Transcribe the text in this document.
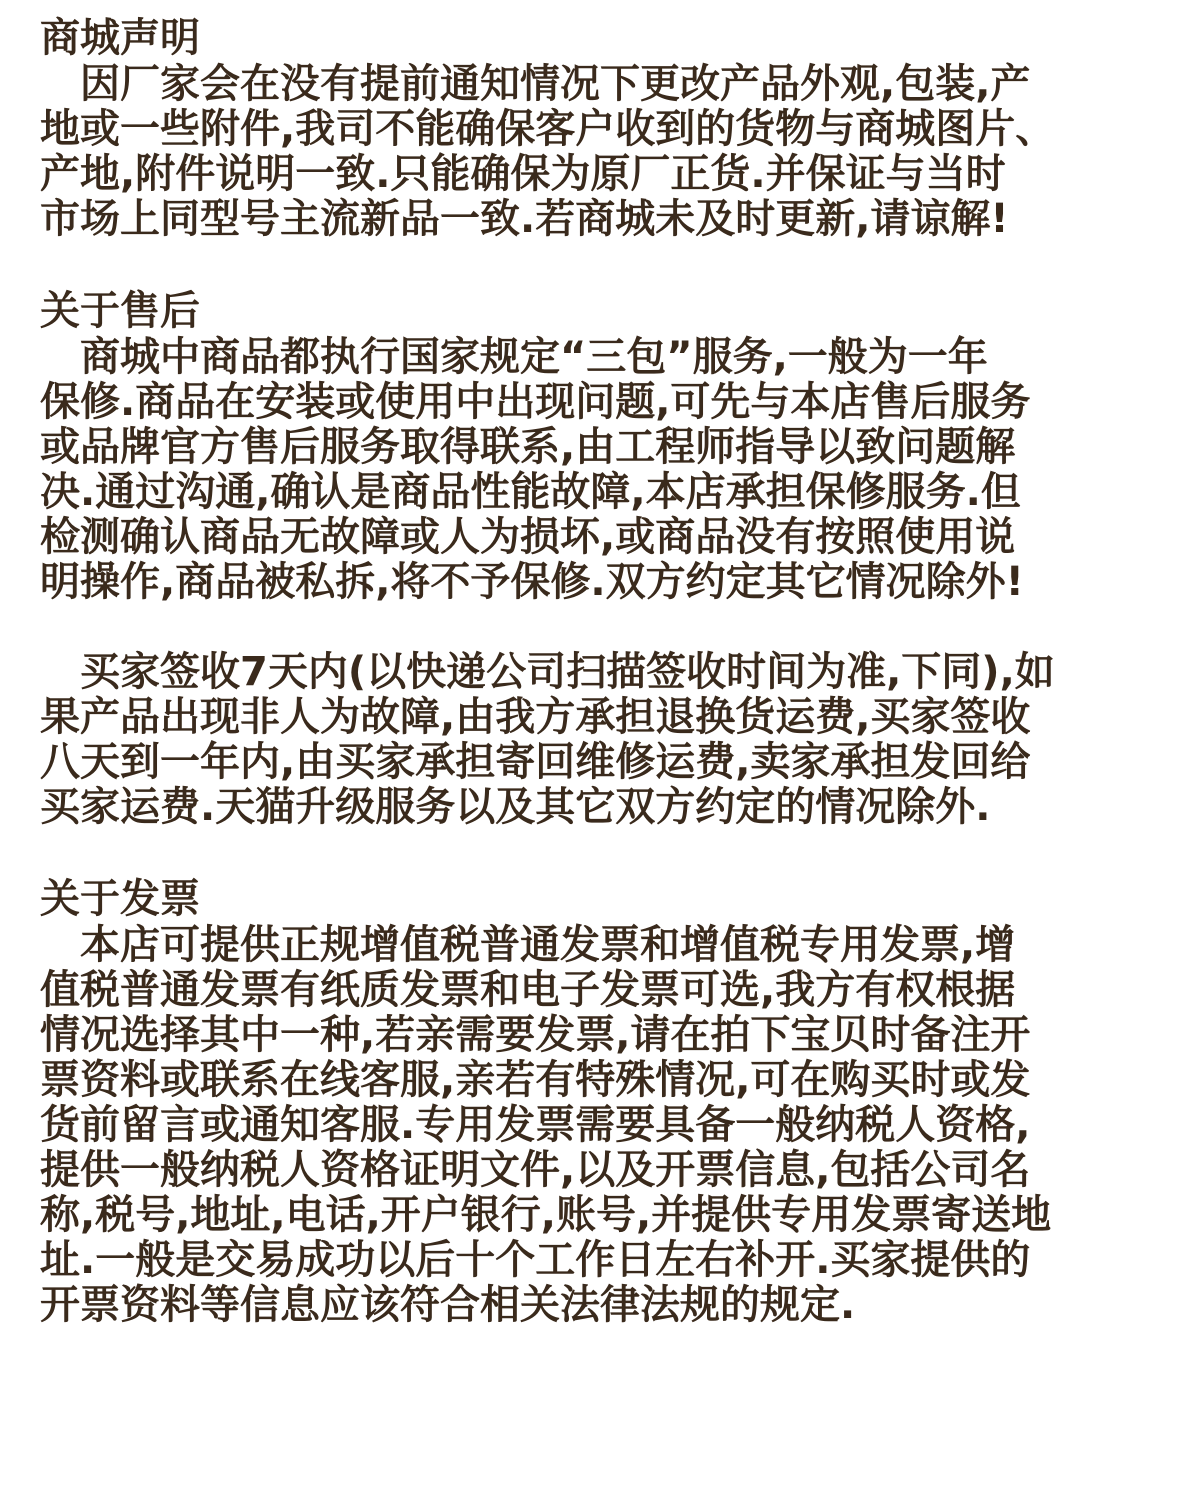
商城声明
因厂家会在没有提前通知情况下更改产品外观,包装,产
地或一些附件,我司不能确保客户收到的货物与商城图片、
产地,附件说明一致.只能确保为原厂正货.并保证与当时
市场上同型号主流新品一致.若商城未及时更新,请谅解!
关于售后
商城中商品都执行国家规定“三包”服务,一般为一年
保修.商品在安装或使用中出现问题,可先与本店售后服务
或品牌官方售后服务取得联系,由工程师指导以致问题解
决.通过沟通,确认是商品性能故障,本店承担保修服务.但
检测确认商品无故障或人为损坏,或商品没有按照使用说
明操作,商品被私拆,将不予保修.双方约定其它情况除外!
买家签收7天内(以快递公司扫描签收时间为准,下同),如
果产品出现非人为故障,由我方承担退换货运费,买家签收
八天到一年内,由买家承担寄回维修运费,卖家承担发回给
买家运费.天猫升级服务以及其它双方约定的情况除外.
关于发票
本店可提供正规增值税普通发票和增值税专用发票,增
值税普通发票有纸质发票和电子发票可选,我方有权根据
情况选择其中一种,若亲需要发票,请在拍下宝贝时备注开
票资料或联系在线客服,亲若有特殊情况,可在购买时或发
货前留言或通知客服.专用发票需要具备一般纳税人资格,
提供一般纳税人资格证明文件,以及开票信息,包括公司名
称,税号,地址,电话,开户银行,账号,并提供专用发票寄送地
址.一般是交易成功以后十个工作日左右补开.买家提供的
开票资料等信息应该符合相关法律法规的规定.
